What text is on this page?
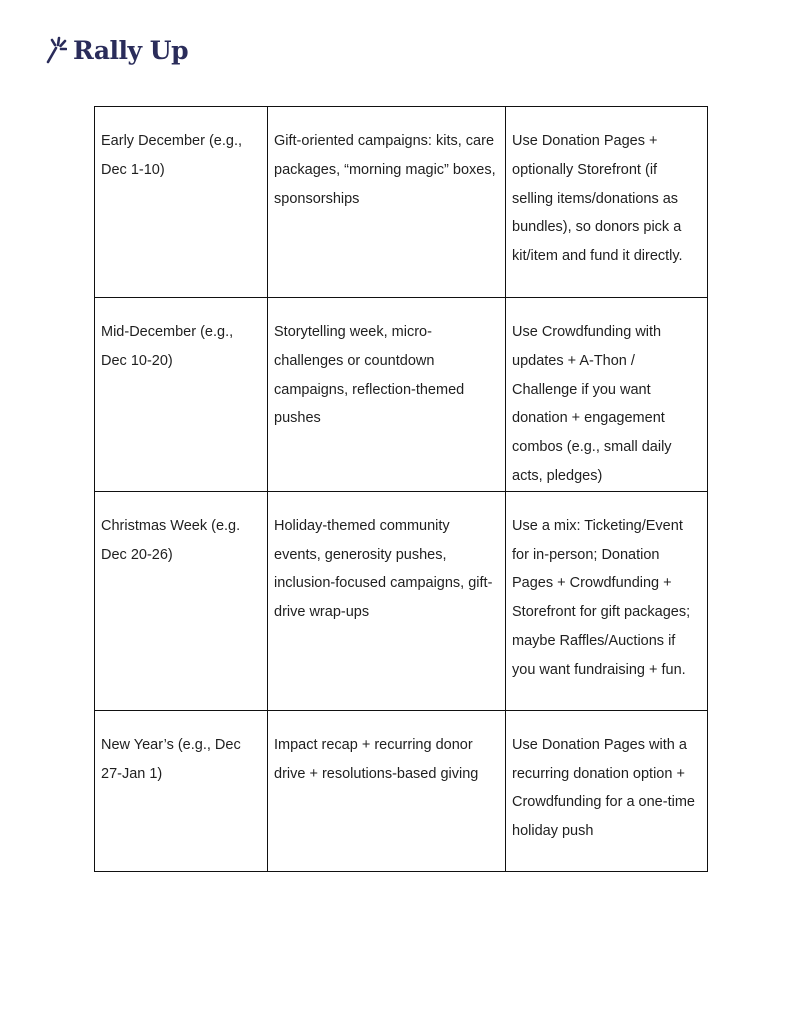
Rally Up
Early December (e.g., Dec 1-10)	Gift-oriented campaigns: kits, care packages, “morning magic” boxes, sponsorships	Use Donation Pages + optionally Storefront (if selling items/donations as bundles), so donors pick a kit/item and fund it directly.
Mid-December (e.g., Dec 10-20)	Storytelling week, micro-challenges or countdown campaigns, reflection-themed pushes	Use Crowdfunding with updates + A-Thon / Challenge if you want donation + engagement combos (e.g., small daily acts, pledges)
Christmas Week (e.g. Dec 20-26)	Holiday-themed community events, generosity pushes, inclusion-focused campaigns, gift-drive wrap-ups	Use a mix: Ticketing/Event for in-person; Donation Pages + Crowdfunding + Storefront for gift packages; maybe Raffles/Auctions if you want fundraising + fun.
New Year’s (e.g., Dec 27-Jan 1)	Impact recap + recurring donor drive + resolutions-based giving	Use Donation Pages with a recurring donation option + Crowdfunding for a one-time holiday push
